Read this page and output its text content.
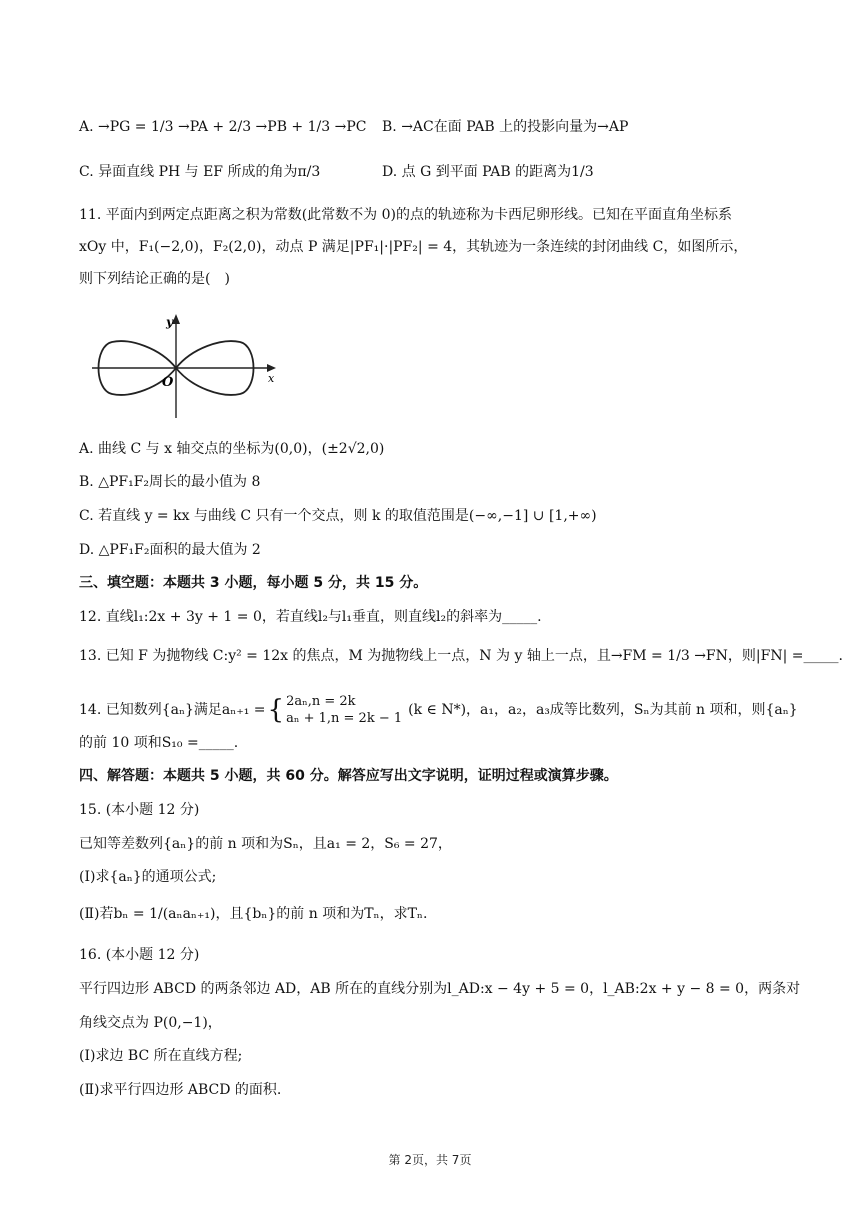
A. →PG = 1/3 →PA + 2/3 →PB + 1/3 →PC B. →AC在面 PAB 上的投影向量为→AP
C. 异面直线 PH 与 EF 所成的角为π/3	D. 点 G 到平面 PAB 的距离为1/3
11. 平面内到两定点距离之积为常数(此常数不为 0)的点的轨迹称为卡西尼卵形线。已知在平面直角坐标系
xOy 中，F₁(−2,0)，F₂(2,0)，动点 P 满足|PF₁|·|PF₂| = 4，其轨迹为一条连续的封闭曲线 C，如图所示，
则下列结论正确的是(　)
y
x
O
A. 曲线 C 与 x 轴交点的坐标为(0,0)，(±2√2,0)
B. △PF₁F₂周长的最小值为 8
C. 若直线 y = kx 与曲线 C 只有一个交点，则 k 的取值范围是(−∞,−1] ∪ [1,+∞)
D. △PF₁F₂面积的最大值为 2
三、填空题：本题共 3 小题，每小题 5 分，共 15 分。
12. 直线l₁:2x + 3y + 1 = 0，若直线l₂与l₁垂直，则直线l₂的斜率为_____.
13. 已知 F 为抛物线 C:y² = 12x 的焦点，M 为抛物线上一点，N 为 y 轴上一点，且→FM = 1/3 →FN，则|FN| =_____.
14. 已知数列{aₙ}满足aₙ₊₁ = { 2aₙ,n = 2k
aₙ + 1,n = 2k − 1
(k ∈ N*)，a₁，a₂，a₃成等比数列，Sₙ为其前 n 项和，则{aₙ}
的前 10 项和S₁₀ =_____.
四、解答题：本题共 5 小题，共 60 分。解答应写出文字说明，证明过程或演算步骤。
15. (本小题 12 分)
已知等差数列{aₙ}的前 n 项和为Sₙ，且a₁ = 2，S₆ = 27，
(Ⅰ)求{aₙ}的通项公式;
(Ⅱ)若bₙ = 1/(aₙaₙ₊₁)，且{bₙ}的前 n 项和为Tₙ，求Tₙ.
16. (本小题 12 分)
平行四边形 ABCD 的两条邻边 AD，AB 所在的直线分别为l_AD:x − 4y + 5 = 0，l_AB:2x + y − 8 = 0，两条对
角线交点为 P(0,−1)，
(Ⅰ)求边 BC 所在直线方程;
(Ⅱ)求平行四边形 ABCD 的面积.
第 2页，共 7页
